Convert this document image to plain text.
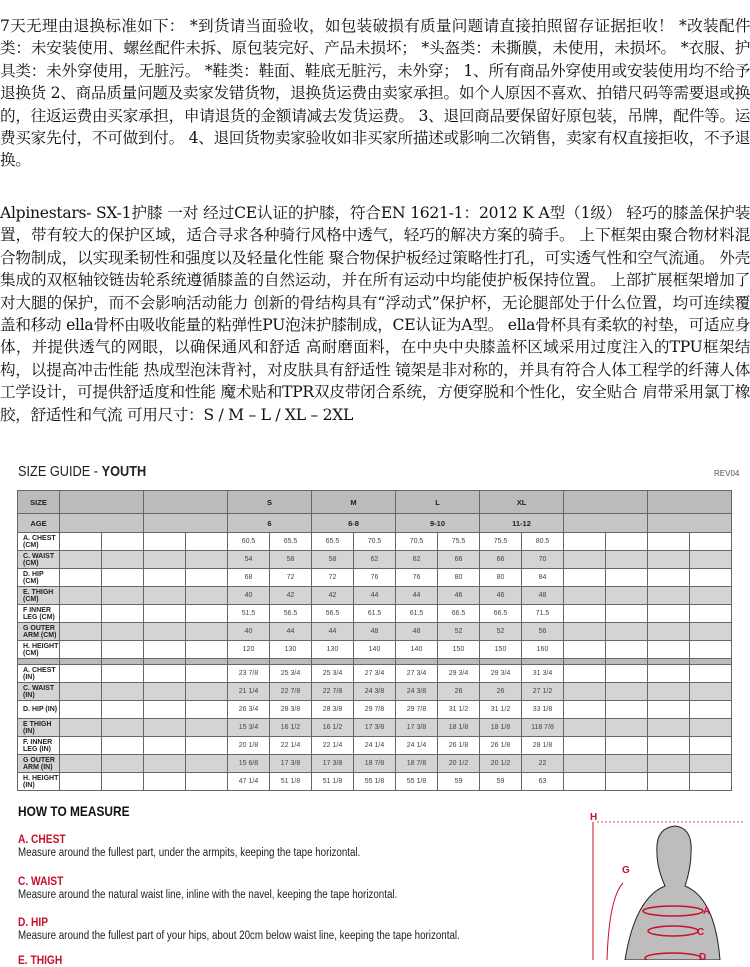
7天无理由退换标准如下： *到货请当面验收，如包装破损有质量问题请直接拍照留存证据拒收！ *改装配件类：未安装使用、螺丝配件未拆、原包装完好、产品未损坏； *头盔类：未撕膜，未使用，未损坏。 *衣服、护具类：未外穿使用，无脏污。 *鞋类：鞋面、鞋底无脏污，未外穿； 1、所有商品外穿使用或安装使用均不给予退换货 2、商品质量问题及卖家发错货物，退换货运费由卖家承担。如个人原因不喜欢、拍错尺码等需要退或换的，往返运费由买家承担，申请退货的金额请减去发货运费。 3、退回商品要保留好原包装，吊牌，配件等。运费买家先付，不可做到付。 4、退回货物卖家验收如非买家所描述或影响二次销售，卖家有权直接拒收，不予退换。
Alpinestars- SX-1护膝 一对 经过CE认证的护膝，符合EN 1621-1：2012 K A型（1级） 轻巧的膝盖保护装置，带有较大的保护区域，适合寻求各种骑行风格中透气，轻巧的解决方案的骑手。 上下框架由聚合物材料混合物制成，以实现柔韧性和强度以及轻量化性能 聚合物保护板经过策略性打孔，可实透气性和空气流通。 外壳集成的双枢轴铰链齿轮系统遵循膝盖的自然运动，并在所有运动中均能使护板保持位置。 上部扩展框架增加了对大腿的保护，而不会影响活动能力 创新的骨结构具有“浮动式”保护杯，无论腿部处于什么位置，均可连续覆盖和移动 ella骨杯由吸收能量的粘弹性PU泡沫护膝制成，CE认证为A型。 ella骨杯具有柔软的衬垫，可适应身体，并提供透气的网眼，以确保通风和舒适 高耐磨面料，在中央中央膝盖杯区域采用过度注入的TPU框架结构，以提高冲击性能 热成型泡沫背衬，对皮肤具有舒适性 镜架是非对称的，并具有符合人体工程学的纤薄人体工学设计，可提供舒适度和性能 魔术贴和TPR双皮带闭合系统，方便穿脱和个性化，安全贴合 肩带采用氯丁橡胶，舒适性和气流 可用尺寸：S / M – L / XL – 2XL
SIZE GUIDE - YOUTH	REV04
SIZE					S		M		L		XL					
AGE					6		6-8		9-10		11-12					
A. CHEST (CM)					60.5	65.5	65.5	70.5	70.5	75.5	75.5	80.5				
C. WAIST (CM)					54	58	58	62	62	66	66	70				
D. HIP (CM)					68	72	72	76	76	80	80	84				
E. THIGH (CM)					40	42	42	44	44	46	46	48				
F INNER LEG (CM)					51.5	56.5	56.5	61.5	61.5	66.5	66.5	71.5				
G OUTER ARM (CM)					40	44	44	48	48	52	52	56				
H. HEIGHT (CM)					120	130	130	140	140	150	150	160				

A. CHEST (IN)					23 7/8	25 3/4	25 3/4	27 3/4	27 3/4	29 3/4	29 3/4	31 3/4				
C. WAIST (IN)					21 1/4	22 7/8	22 7/8	24 3/8	24 3/8	26	26	27 1/2				
D. HIP (IN)					26 3/4	28 3/8	28 3/8	29 7/8	29 7/8	31 1/2	31 1/2	33 1/8				
E THIGH (IN)					15 3/4	16 1/2	16 1/2	17 3/8	17 3/8	18 1/8	18 1/8	118 7/8				
F. INNER LEG (IN)					20 1/8	22 1/4	22 1/4	24 1/4	24 1/4	26 1/8	26 1/8	28 1/8				
G OUTER ARM (IN)					15 6/8	17 3/8	17 3/8	18 7/8	18 7/8	20 1/2	20 1/2	22				
H. HEIGHT (IN)					47 1/4	51 1/8	51 1/8	55 1/8	55 1/8	59	59	63				
HOW TO MEASURE
A. CHEST
Measure around the fullest part, under the armpits, keeping the tape horizontal.
C. WAIST
Measure around the natural waist line, inline with the navel, keeping the tape horizontal.
D. HIP
Measure around the fullest part of your hips, about 20cm below waist line, keeping the tape horizontal.
E. THIGH
H
G
A
C
D
